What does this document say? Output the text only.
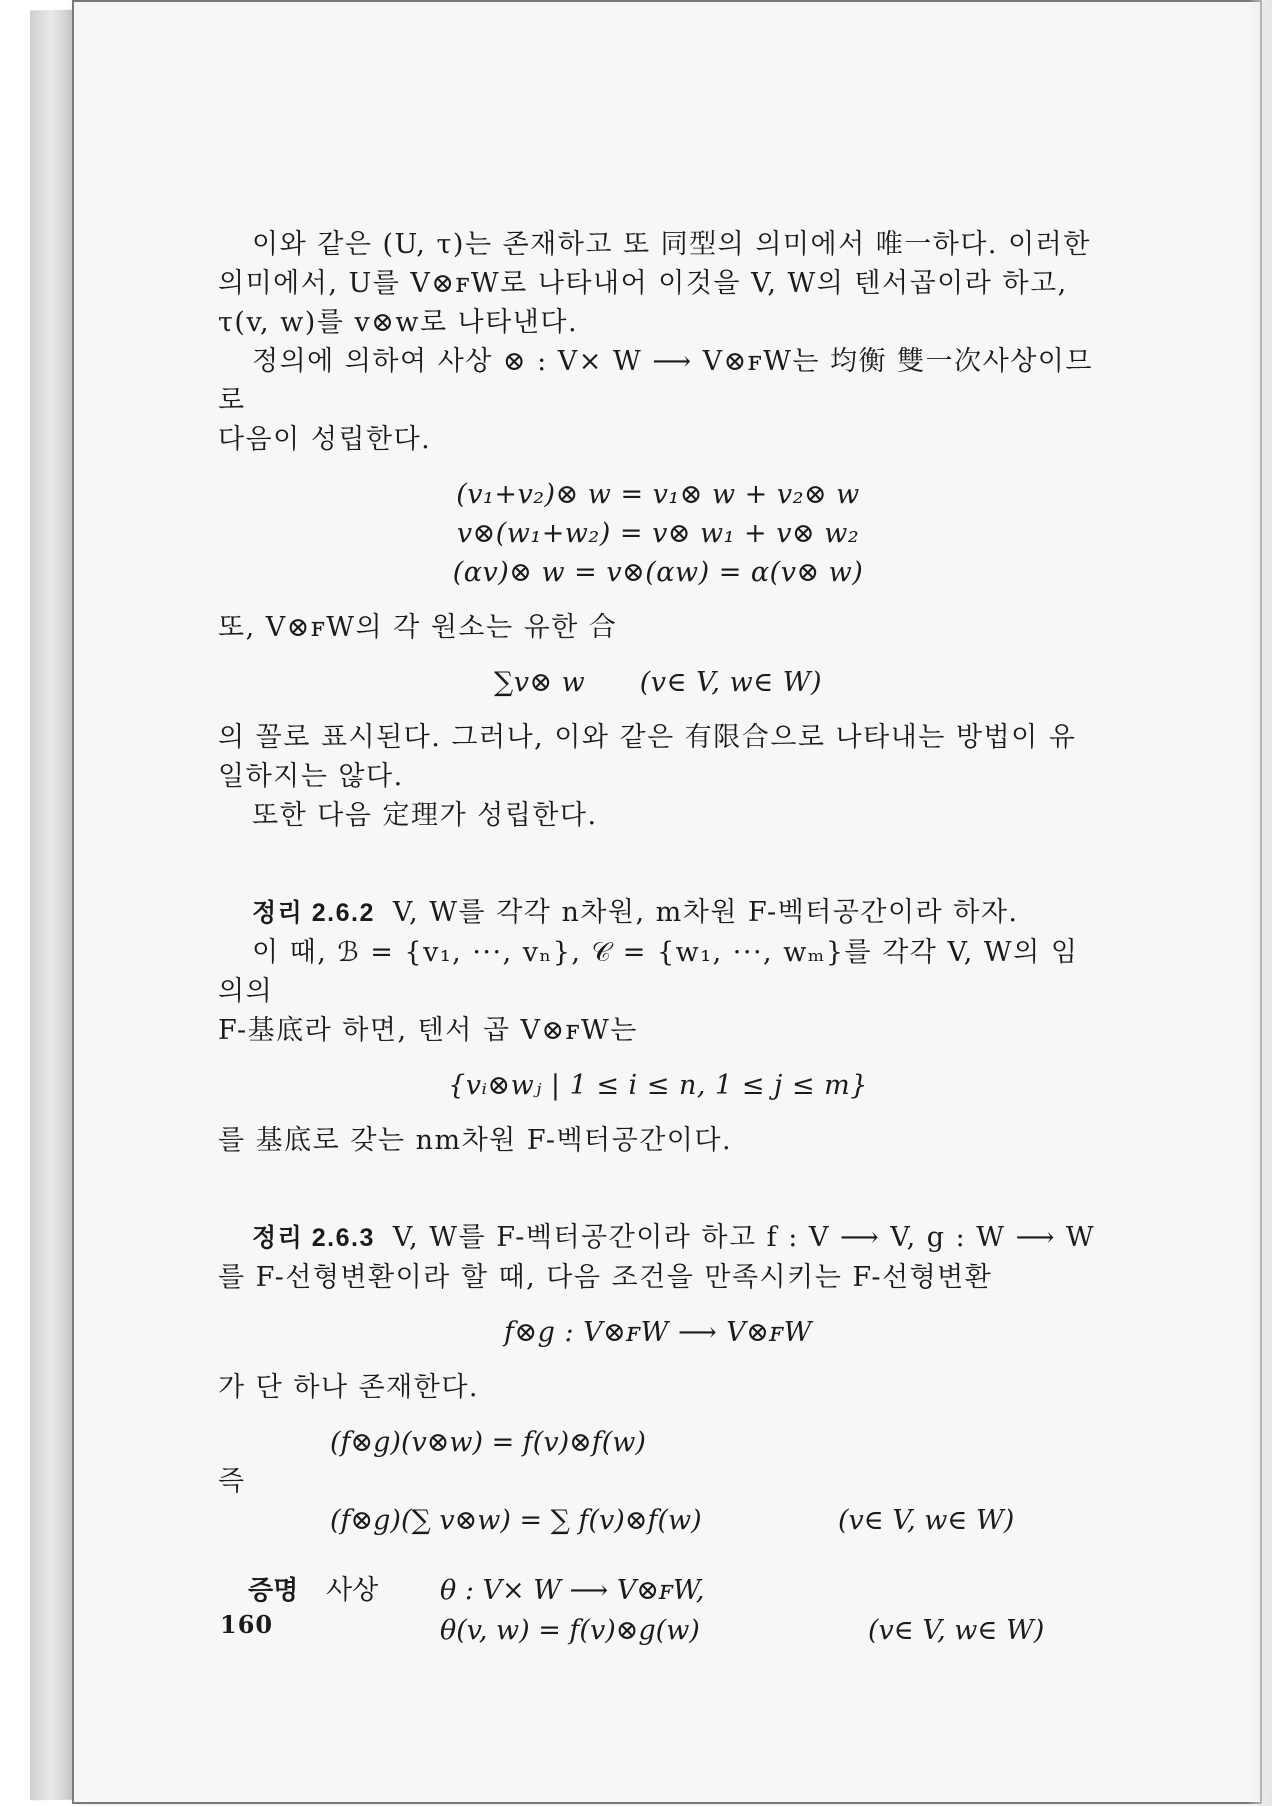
이와 같은 (U, τ)는 존재하고 또 同型의 의미에서 唯一하다. 이러한

의미에서, U를 V⊗ꜰW로 나타내어 이것을 V, W의 텐서곱이라 하고,

τ(v, w)를 v⊗w로 나타낸다.

정의에 의하여 사상 ⊗ : V× W ⟶ V⊗ꜰW는 均衡 雙一次사상이므로

다음이 성립한다.

(v₁+v₂)⊗ w = v₁⊗ w + v₂⊗ w

v⊗(w₁+w₂) = v⊗ w₁ + v⊗ w₂

(αv)⊗ w = v⊗(αw) = α(v⊗ w)

또, V⊗ꜰW의 각 원소는 유한 合

∑v⊗ w      (v∈ V, w∈ W)

의 꼴로 표시된다. 그러나, 이와 같은 有限合으로 나타내는 방법이 유

일하지는 않다.

또한 다음 定理가 성립한다.

정리 2.6.2 V, W를 각각 n차원, m차원 F-벡터공간이라 하자.

이 때, ℬ = {v₁, ···, vₙ}, 𝒞 = {w₁, ···, wₘ}를 각각 V, W의 임의의

F-基底라 하면, 텐서 곱 V⊗ꜰW는

{vᵢ⊗wⱼ | 1 ≤ i ≤ n, 1 ≤ j ≤ m}

를 基底로 갖는 nm차원 F-벡터공간이다.

정리 2.6.3 V, W를 F-벡터공간이라 하고 f : V ⟶ V, g : W ⟶ W

를 F-선형변환이라 할 때, 다음 조건을 만족시키는 F-선형변환

f⊗g : V⊗ꜰW ⟶ V⊗ꜰW

가 단 하나 존재한다.

(f⊗g)(v⊗w) = f(v)⊗f(w)

즉

(f⊗g)(∑ v⊗w) = ∑ f(v)⊗f(w)	(v∈ V, w∈ W)
증명 사상 θ : V× W ⟶ V⊗ꜰW,
θ(v, w) = f(v)⊗g(w)	(v∈ V, w∈ W)
160
